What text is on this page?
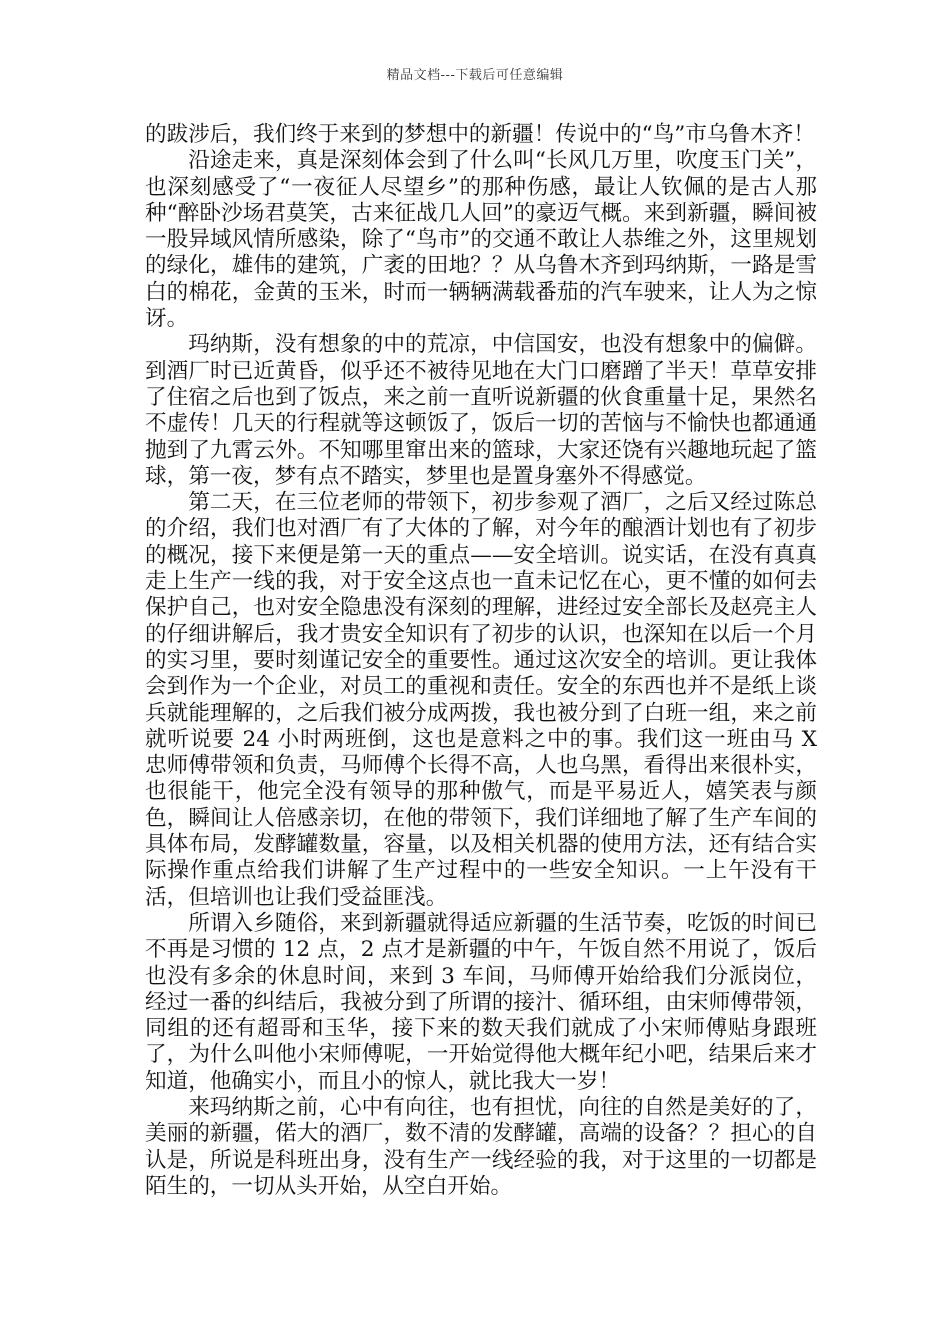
精品文档---下载后可任意编辑

的跋涉后，我们终于来到的梦想中的新疆！传说中的“鸟”市乌鲁木齐！

沿途走来，真是深刻体会到了什么叫“长风几万里，吹度玉门关”，也深刻感受了“一夜征人尽望乡”的那种伤感，最让人钦佩的是古人那种“醉卧沙场君莫笑，古来征战几人回”的豪迈气概。来到新疆，瞬间被一股异域风情所感染，除了“鸟市”的交通不敢让人恭维之外，这里规划的绿化，雄伟的建筑，广袤的田地？？从乌鲁木齐到玛纳斯，一路是雪白的棉花，金黄的玉米，时而一辆辆满载番茄的汽车驶来，让人为之惊讶。

玛纳斯，没有想象的中的荒凉，中信国安，也没有想象中的偏僻。到酒厂时已近黄昏，似乎还不被待见地在大门口磨蹭了半天！草草安排了住宿之后也到了饭点，来之前一直听说新疆的伙食重量十足，果然名不虚传！几天的行程就等这顿饭了，饭后一切的苦恼与不愉快也都通通抛到了九霄云外。不知哪里窜出来的篮球，大家还饶有兴趣地玩起了篮球，第一夜，梦有点不踏实，梦里也是置身塞外不得感觉。

第二天，在三位老师的带领下，初步参观了酒厂，之后又经过陈总的介绍，我们也对酒厂有了大体的了解，对今年的酿酒计划也有了初步的概况，接下来便是第一天的重点——安全培训。说实话，在没有真真走上生产一线的我，对于安全这点也一直未记忆在心，更不懂的如何去保护自己，也对安全隐患没有深刻的理解，进经过安全部长及赵亮主人的仔细讲解后，我才贵安全知识有了初步的认识，也深知在以后一个月的实习里，要时刻谨记安全的重要性。通过这次安全的培训。更让我体会到作为一个企业，对员工的重视和责任。安全的东西也并不是纸上谈兵就能理解的，之后我们被分成两拨，我也被分到了白班一组，来之前就听说要 24 小时两班倒，这也是意料之中的事。我们这一班由马 X 忠师傅带领和负责，马师傅个长得不高，人也乌黑，看得出来很朴实，也很能干，他完全没有领导的那种傲气，而是平易近人，嬉笑表与颜色，瞬间让人倍感亲切，在他的带领下，我们详细地了解了生产车间的具体布局，发酵罐数量，容量，以及相关机器的使用方法，还有结合实际操作重点给我们讲解了生产过程中的一些安全知识。一上午没有干活，但培训也让我们受益匪浅。

所谓入乡随俗，来到新疆就得适应新疆的生活节奏，吃饭的时间已不再是习惯的 12 点，2 点才是新疆的中午，午饭自然不用说了，饭后也没有多余的休息时间，来到 3 车间，马师傅开始给我们分派岗位，经过一番的纠结后，我被分到了所谓的接汁、循环组，由宋师傅带领，同组的还有超哥和玉华，接下来的数天我们就成了小宋师傅贴身跟班了，为什么叫他小宋师傅呢，一开始觉得他大概年纪小吧，结果后来才知道，他确实小，而且小的惊人，就比我大一岁！

来玛纳斯之前，心中有向往，也有担忧，向往的自然是美好的了，美丽的新疆，偌大的酒厂，数不清的发酵罐，高端的设备？？担心的自认是，所说是科班出身，没有生产一线经验的我，对于这里的一切都是陌生的，一切从头开始，从空白开始。
